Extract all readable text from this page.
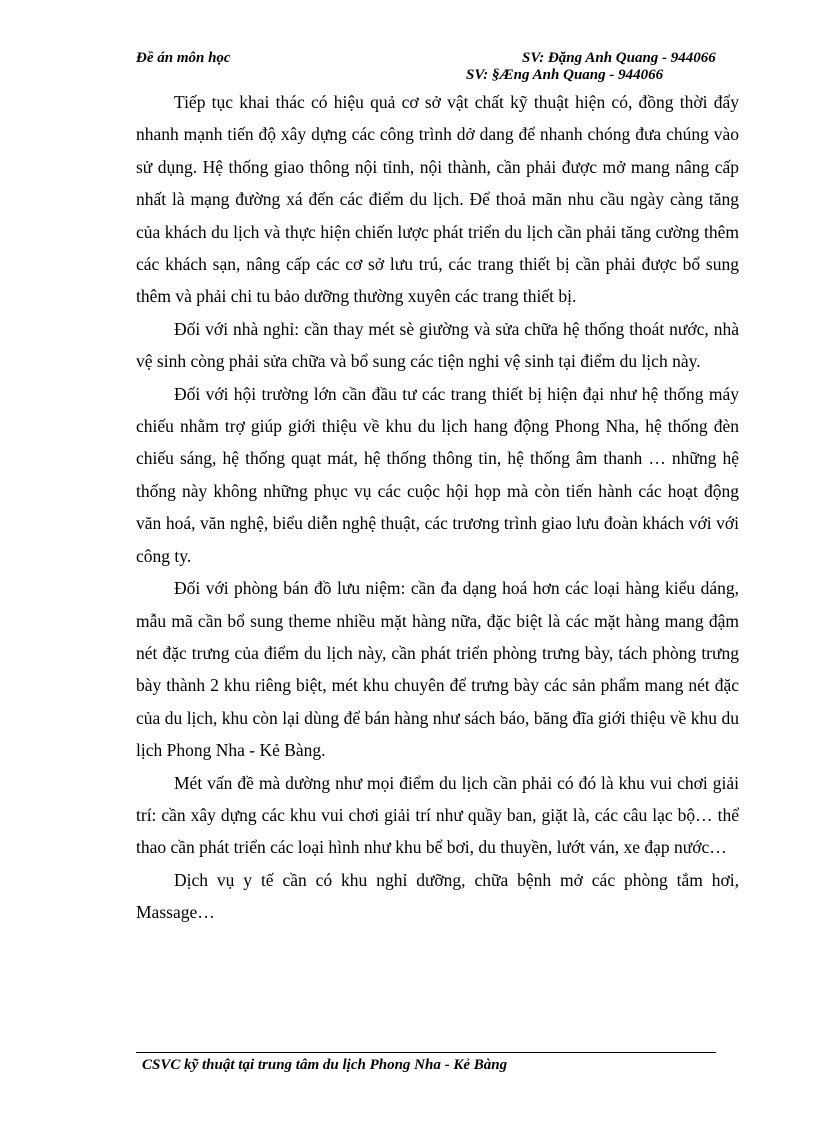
Đề án môn học	SV: Đặng Anh Quang - 944066
SV: §Æng Anh Quang - 944066

Tiếp tục khai thác có hiệu quả cơ sở vật chất kỹ thuật hiện có, đồng thời đẩy nhanh mạnh tiến độ xây dựng các công trình dở dang để nhanh chóng đưa chúng vào sử dụng. Hệ thống giao thông nội tỉnh, nội thành, cần phải được mở mang nâng cấp nhất là mạng đường xá đến các điểm du lịch. Để thoả mãn nhu cầu ngày càng tăng của khách du lịch và thực hiện chiến lược phát triển du lịch cần phải tăng cường thêm các khách sạn, nâng cấp các cơ sở lưu trú, các trang thiết bị cần phải được bổ sung thêm và phải chi tu bảo dưỡng thường xuyên các trang thiết bị.

Đối với nhà nghỉ: cần thay mét sè giường và sửa chữa hệ thống thoát nước, nhà vệ sinh còng phải sửa chữa và bổ sung các tiện nghi vệ sinh tại điểm du lịch này.

Đối với hội trường lớn cần đầu tư các trang thiết bị hiện đại như hệ thống máy chiếu nhằm trợ giúp giới thiệu về khu du lịch hang động Phong Nha, hệ thống đèn chiếu sáng, hệ thống quạt mát, hệ thống thông tin, hệ thống âm thanh … những hệ thống này không những phục vụ các cuộc hội họp mà còn tiến hành các hoạt động văn hoá, văn nghệ, biểu diễn nghệ thuật, các trương trình giao lưu đoàn khách với với công ty.

Đối với phòng bán đồ lưu niệm: cần đa dạng hoá hơn các loại hàng kiểu dáng, mẫu mã cần bổ sung theme nhiều mặt hàng nữa, đặc biệt là các mặt hàng mang đậm nét đặc trưng của điểm du lịch này, cần phát triển phòng trưng bày, tách phòng trưng bày thành 2 khu riêng biệt, mét khu chuyên để trưng bày các sản phẩm mang nét đặc của du lịch, khu còn lại dùng để bán hàng như sách báo, băng đĩa giới thiệu về khu du lịch Phong Nha - Kẻ Bàng.

Mét vấn đề mà dường như mọi điểm du lịch cần phải có đó là khu vui chơi giải trí: cần xây dựng các khu vui chơi giải trí như quầy ban, giặt là, các câu lạc bộ… thể thao cần phát triển các loại hình như khu bể bơi, du thuyền, lướt ván, xe đạp nước…

Dịch vụ y tế cần có khu nghỉ dưỡng, chữa bệnh mở các phòng tắm hơi, Massage…

CSVC kỹ thuật tại trung tâm du lịch Phong Nha - Kẻ Bàng
